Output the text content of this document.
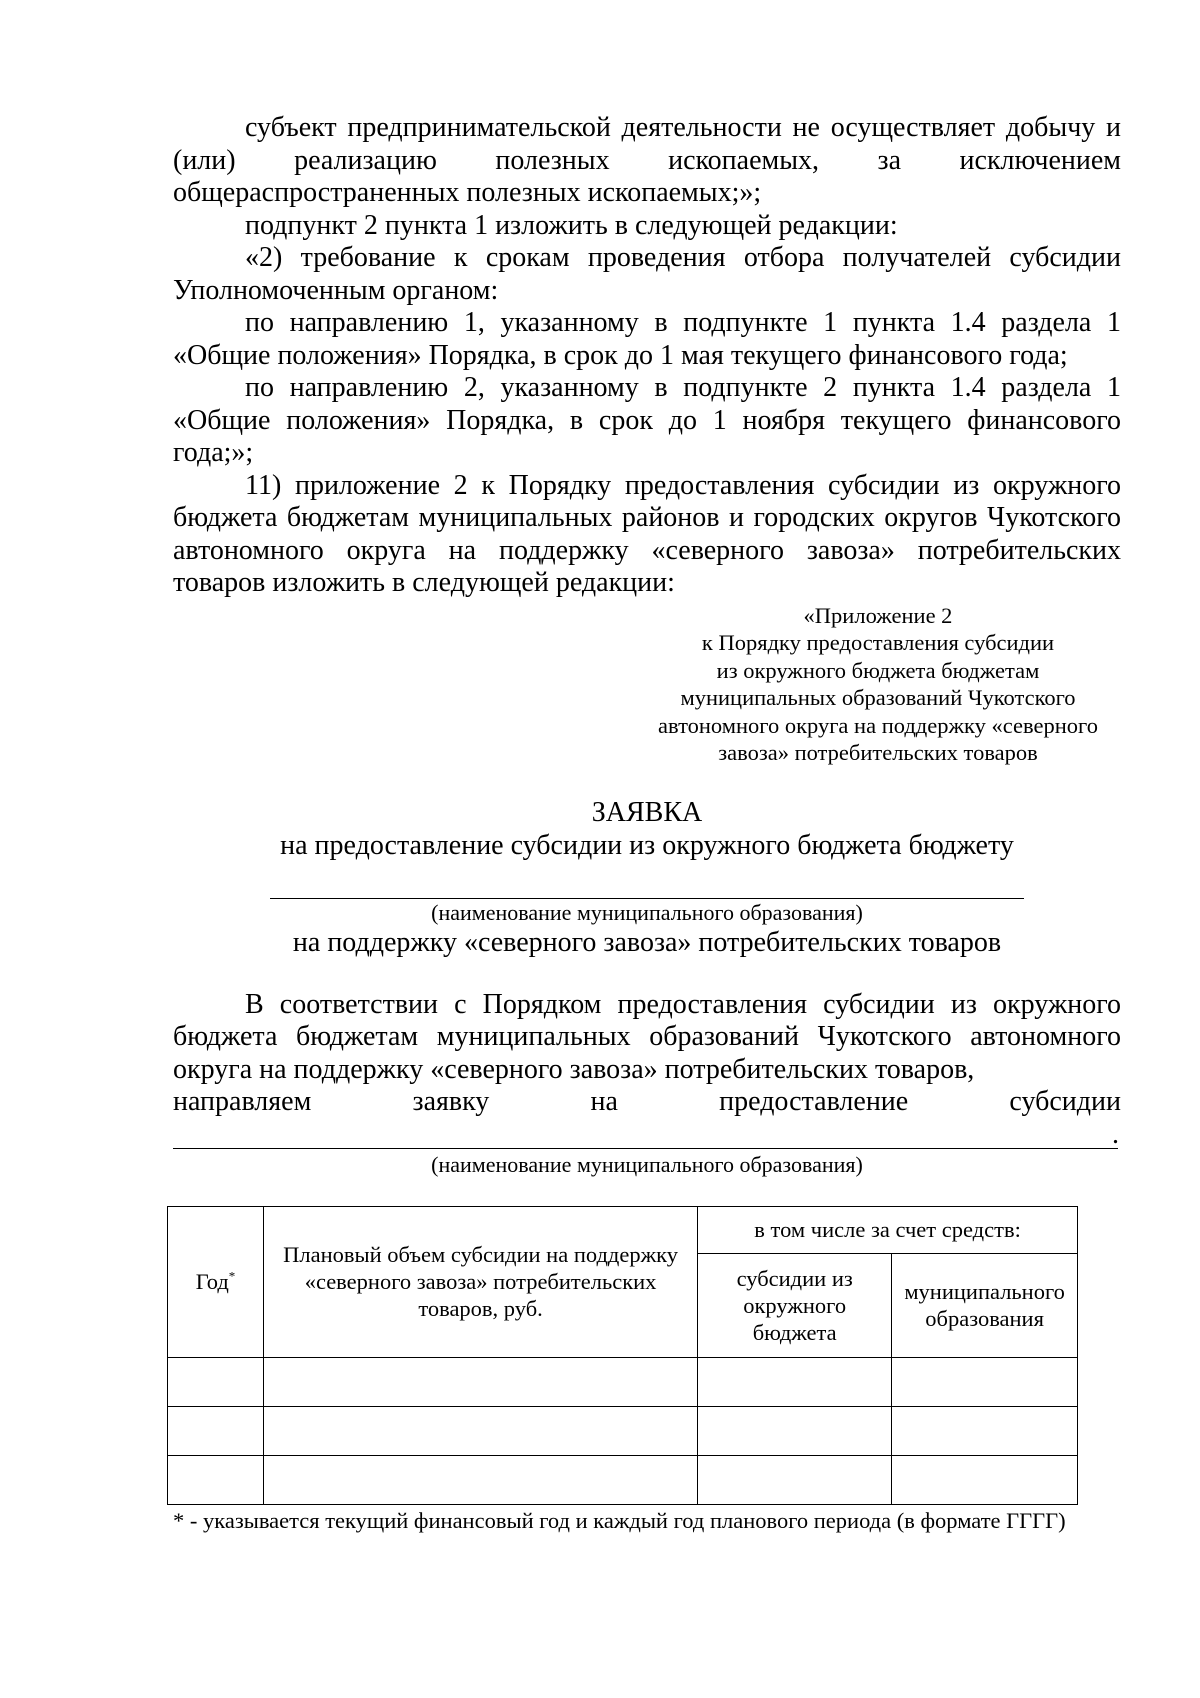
субъект предпринимательской деятельности не осуществляет добычу и (или) реализацию полезных ископаемых, за исключением общераспространенных полезных ископаемых;»;

подпункт 2 пункта 1 изложить в следующей редакции:

«2) требование к срокам проведения отбора получателей субсидии Уполномоченным органом:

по направлению 1, указанному в подпункте 1 пункта 1.4 раздела 1 «Общие положения» Порядка, в срок до 1 мая текущего финансового года;

по направлению 2, указанному в подпункте 2 пункта 1.4 раздела 1 «Общие положения» Порядка, в срок до 1 ноября текущего финансового года;»;

11) приложение 2 к Порядку предоставления субсидии из окружного бюджета бюджетам муниципальных районов и городских округов Чукотского автономного округа на поддержку «северного завоза» потребительских товаров изложить в следующей редакции:

«Приложение 2
к Порядку предоставления субсидии
из окружного бюджета бюджетам
муниципальных образований Чукотского
автономного округа на поддержку «северного
завоза» потребительских товаров
ЗАЯВКА
на предоставление субсидии из окружного бюджета бюджету
(наименование муниципального образования)
на поддержку «северного завоза» потребительских товаров

В соответствии с Порядком предоставления субсидии из окружного бюджета бюджетам муниципальных образований Чукотского автономного округа на поддержку «северного завоза» потребительских товаров,

направляем заявку на предоставление субсидии

.
(наименование муниципального образования)
Год*	Плановый объем субсидии на поддержку «северного завоза» потребительских товаров, руб.	в том числе за счет средств:	
		субсидии из окружного бюджета	муниципального образования

* - указывается текущий финансовый год и каждый год планового периода (в формате ГГГГ)
